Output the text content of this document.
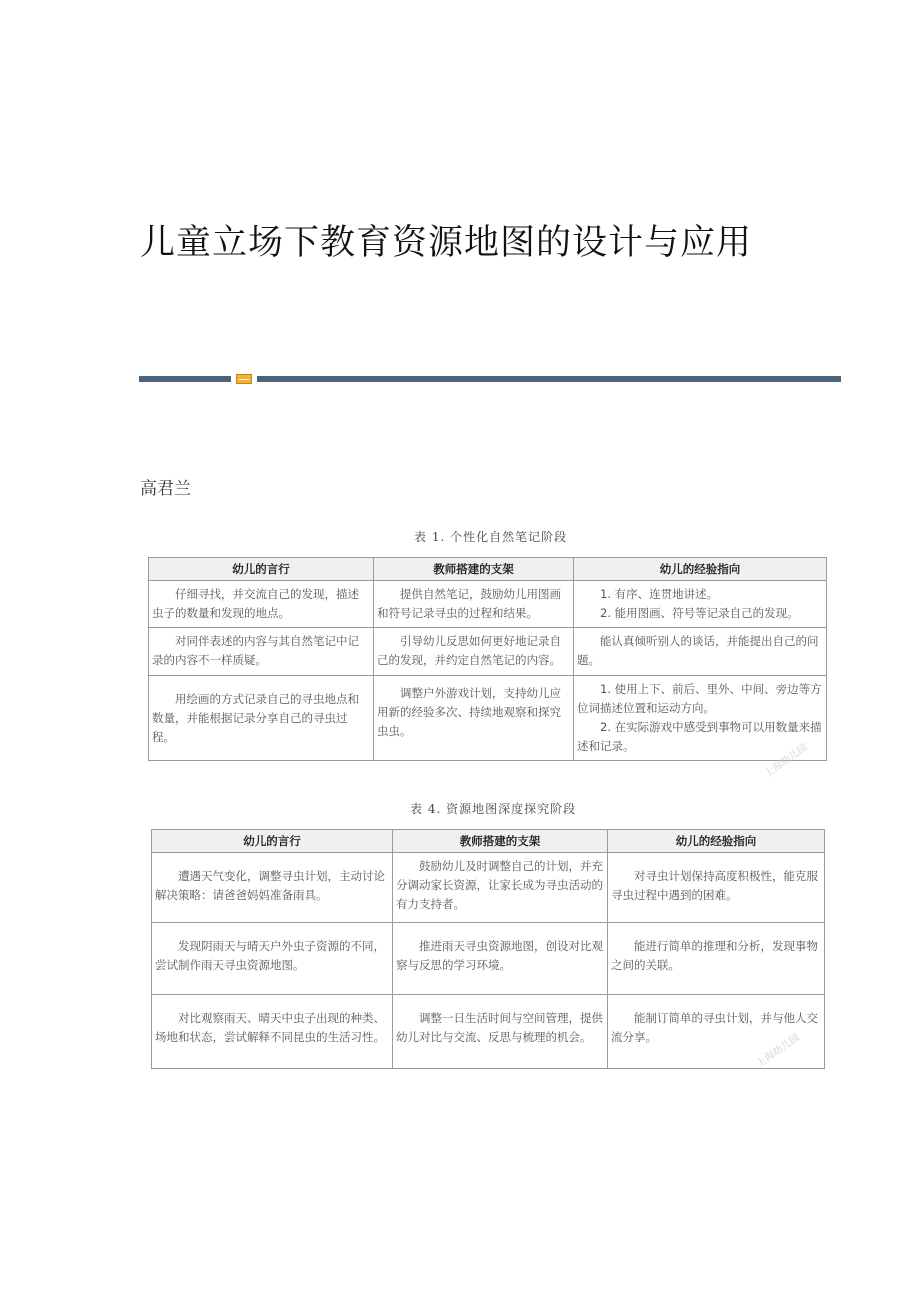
儿童立场下教育资源地图的设计与应用
高君兰
表 1. 个性化自然笔记阶段
幼儿的言行	教师搭建的支架	幼儿的经验指向
仔细寻找，并交流自己的发现，描述虫子的数量和发现的地点。	提供自然笔记，鼓励幼儿用图画和符号记录寻虫的过程和结果。	1. 有序、连贯地讲述。
2. 能用图画、符号等记录自己的发现。

对同伴表述的内容与其自然笔记中记录的内容不一样质疑。	引导幼儿反思如何更好地记录自己的发现，并约定自然笔记的内容。	能认真倾听别人的谈话，并能提出自己的问题。
用绘画的方式记录自己的寻虫地点和数量，并能根据记录分享自己的寻虫过程。	调整户外游戏计划，支持幼儿应用新的经验多次、持续地观察和探究虫虫。	1. 使用上下、前后、里外、中间、旁边等方位词描述位置和运动方向。
2. 在实际游戏中感受到事物可以用数量来描述和记录。	上海幼儿园
表 4. 资源地图深度探究阶段
幼儿的言行	教师搭建的支架	幼儿的经验指向
遭遇天气变化，调整寻虫计划，主动讨论解决策略：请爸爸妈妈准备雨具。	鼓励幼儿及时调整自己的计划，并充分调动家长资源，让家长成为寻虫活动的有力支持者。	对寻虫计划保持高度积极性，能克服寻虫过程中遇到的困难。
发现阴雨天与晴天户外虫子资源的不同，尝试制作雨天寻虫资源地图。	推进雨天寻虫资源地图，创设对比观察与反思的学习环境。	能进行简单的推理和分析，发现事物之间的关联。
对比观察雨天、晴天中虫子出现的种类、场地和状态，尝试解释不同昆虫的生活习性。	调整一日生活时间与空间管理，提供幼儿对比与交流、反思与梳理的机会。	能制订简单的寻虫计划，并与他人交流分享。	上海幼儿园
